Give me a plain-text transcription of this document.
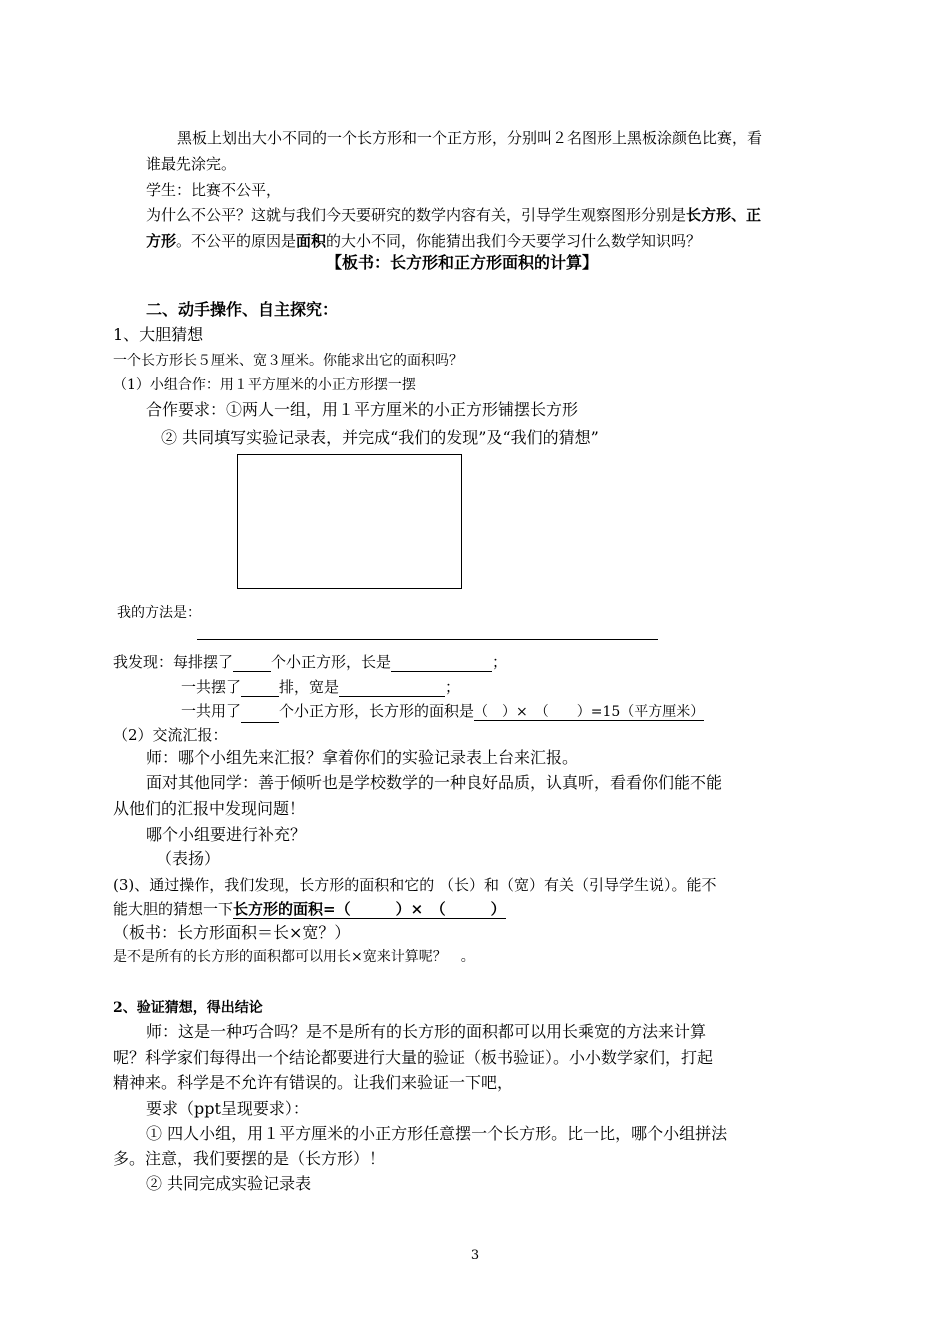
黑板上划出大小不同的一个长方形和一个正方形，分别叫２名图形上黑板涂颜色比赛，看
谁最先涂完。
学生：比赛不公平，
为什么不公平？这就与我们今天要研究的数学内容有关，引导学生观察图形分别是长方形、正
方形。不公平的原因是面积的大小不同，你能猜出我们今天要学习什么数学知识吗？
【板书：长方形和正方形面积的计算】
二、动手操作、自主探究：
1、大胆猜想
一个长方形长５厘米、宽３厘米。你能求出它的面积吗？
（1）小组合作：用１平方厘米的小正方形摆一摆
合作要求：①两人一组，用１平方厘米的小正方形铺摆长方形
② 共同填写实验记录表，并完成“我们的发现”及“我们的猜想”
我的方法是：
我发现：每排摆了	个小正方形，长是	；
一共摆了	排，宽是	；
一共用了	个小正方形，长方形的面积是（　）×　（　　）=15（平方厘米）
（2）交流汇报：
师：哪个小组先来汇报？拿着你们的实验记录表上台来汇报。
面对其他同学：善于倾听也是学校数学的一种良好品质，认真听，看看你们能不能
从他们的汇报中发现问题！
哪个小组要进行补充？
（表扬）
(3)、通过操作，我们发现，长方形的面积和它的 （长）和（宽）有关（引导学生说）。能不
能大胆的猜想一下长方形的面积=（　　　）×　（　　　）
（板书：长方形面积＝长×宽？）
是不是所有的长方形的面积都可以用长×宽来计算呢？　。
2、验证猜想，得出结论
师：这是一种巧合吗？是不是所有的长方形的面积都可以用长乘宽的方法来计算
呢？科学家们每得出一个结论都要进行大量的验证（板书验证）。小小数学家们，打起
精神来。科学是不允许有错误的。让我们来验证一下吧，
要求（ppt呈现要求）：
① 四人小组，用１平方厘米的小正方形任意摆一个长方形。比一比，哪个小组拼法
多。注意，我们要摆的是（长方形）！
② 共同完成实验记录表
3
